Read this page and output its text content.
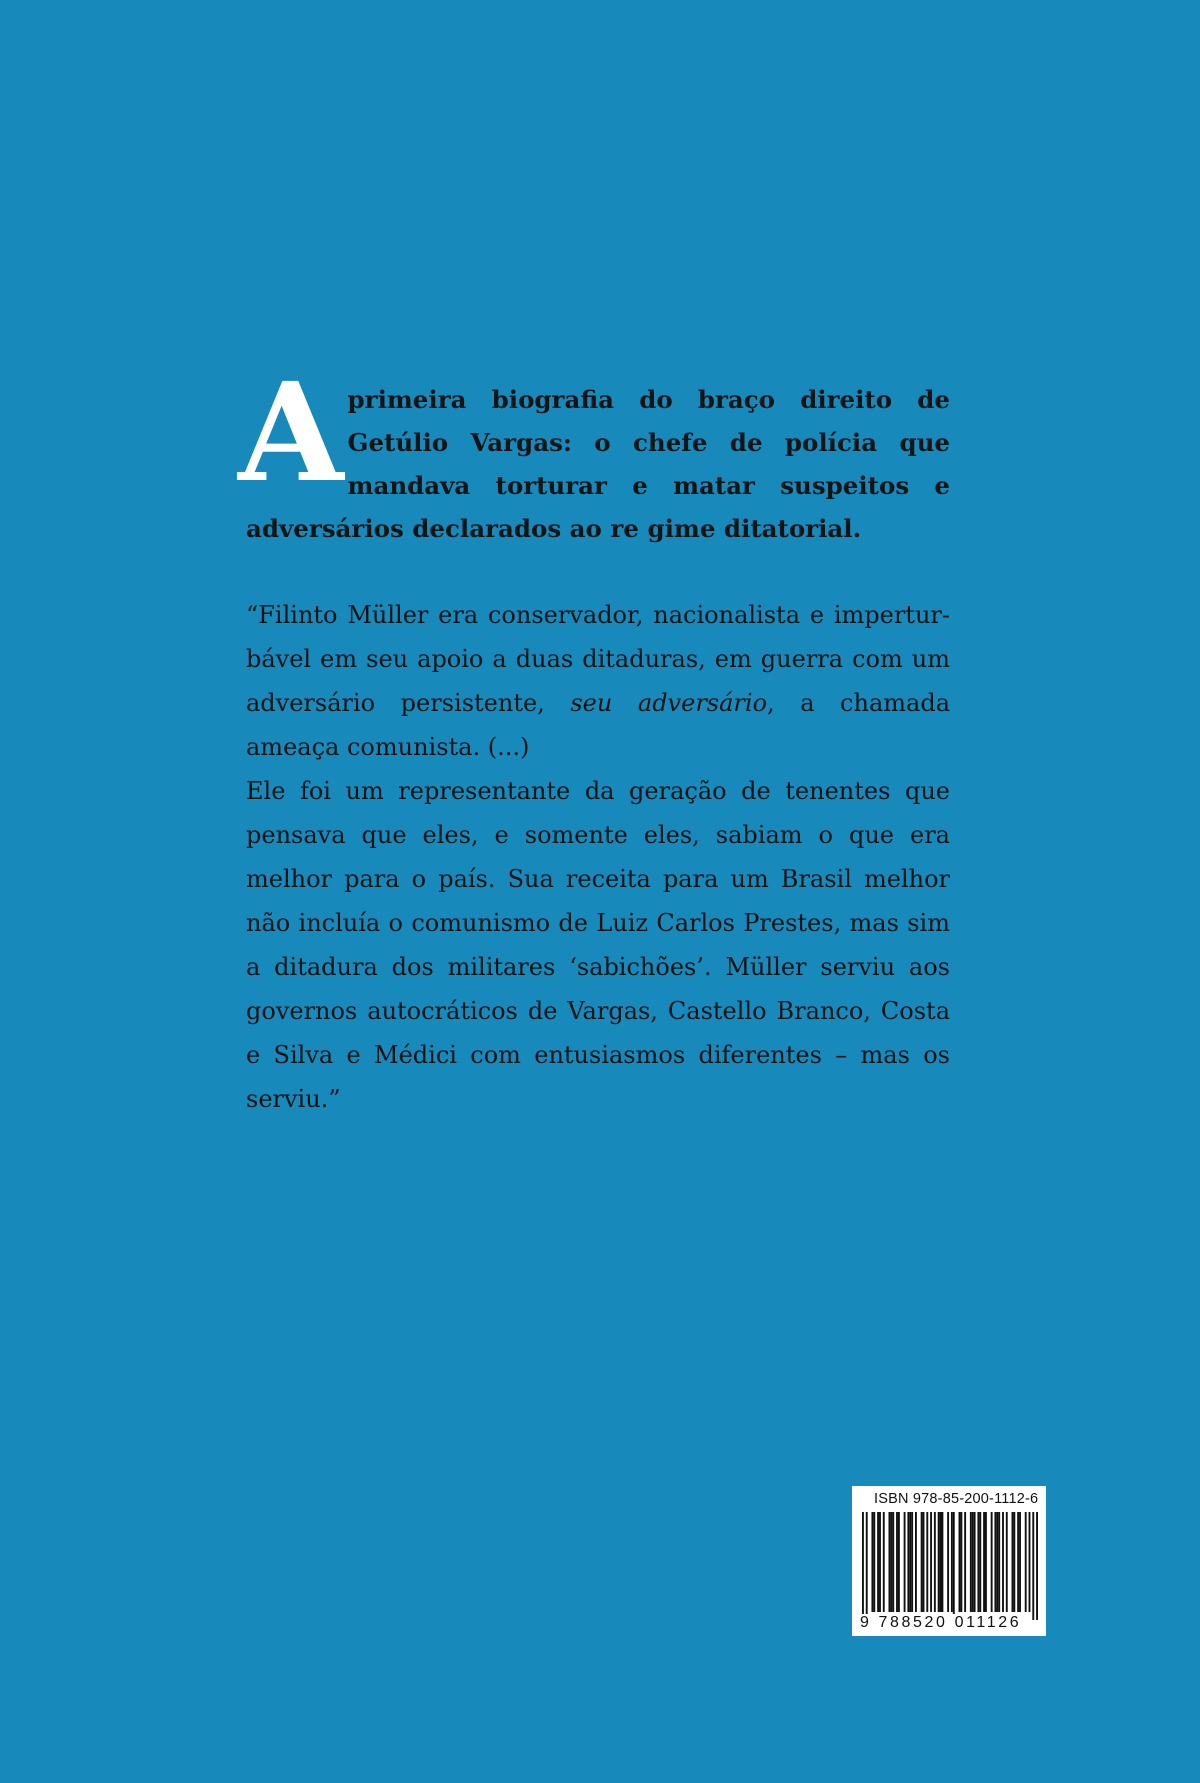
A primeira biografia do braço direito de Getúlio Vargas: o chefe de polícia que mandava torturar e matar suspeitos e adversários declarados ao re gime ditatorial.

“Filinto Müller era conservador, nacionalista e imperturbável em seu apoio a duas ditaduras, em guerra com um adversário persistente, seu adversário, a chamada ameaça comunista. (...)

Ele foi um representante da geração de tenentes que pensava que eles, e somente eles, sabiam o que era melhor para o país. Sua receita para um Brasil melhor não incluía o comunismo de Luiz Carlos Prestes, mas sim a ditadura dos militares ‘sabichões’. Müller serviu aos governos autocráticos de Vargas, Castello Branco, Costa e Silva e Médici com entusiasmos diferentes – mas os serviu.”

ISBN 978-85-200-1112-6
9 788520 011126
